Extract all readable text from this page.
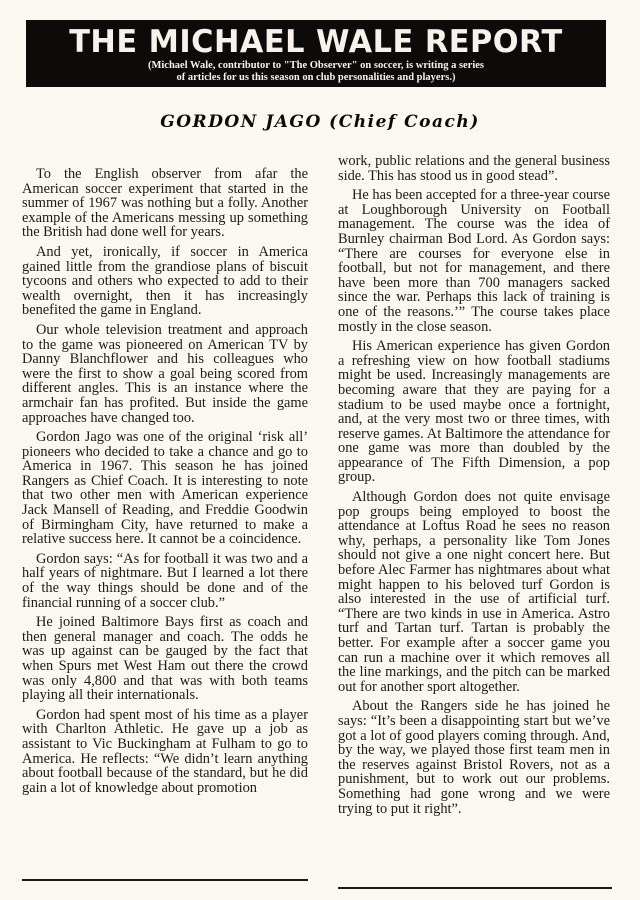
THE MICHAEL WALE REPORT
(Michael Wale, contributor to "The Observer" on soccer, is writing a series
of articles for us this season on club personalities and players.)
GORDON JAGO (Chief Coach)

To the English observer from afar the American soccer experiment that started in the summer of 1967 was nothing but a folly. Another example of the Americans messing up something the British had done well for years.

And yet, ironically, if soccer in America gained little from the grandiose plans of biscuit tycoons and others who expected to add to their wealth overnight, then it has increasingly benefited the game in England.

Our whole television treatment and approach to the game was pioneered on American TV by Danny Blanchflower and his colleagues who were the first to show a goal being scored from different angles. This is an instance where the armchair fan has profited. But inside the game approaches have changed too.

Gordon Jago was one of the original ‘risk all’ pioneers who decided to take a chance and go to America in 1967. This season he has joined Rangers as Chief Coach. It is interesting to note that two other men with American experience Jack Mansell of Reading, and Freddie Goodwin of Birmingham City, have returned to make a relative success here. It cannot be a coincidence.

Gordon says: “As for football it was two and a half years of nightmare. But I learned a lot there of the way things should be done and of the financial running of a soccer club.”

He joined Baltimore Bays first as coach and then general manager and coach. The odds he was up against can be gauged by the fact that when Spurs met West Ham out there the crowd was only 4,800 and that was with both teams playing all their internationals.

Gordon had spent most of his time as a player with Charlton Athletic. He gave up a job as assistant to Vic Buckingham at Fulham to go to America. He reflects: “We didn’t learn anything about football because of the standard, but he did gain a lot of knowledge about promotion

work, public relations and the general business side. This has stood us in good stead”.

He has been accepted for a three-year course at Loughborough University on Football management. The course was the idea of Burnley chairman Bod Lord. As Gordon says: “There are courses for everyone else in football, but not for management, and there have been more than 700 managers sacked since the war. Perhaps this lack of training is one of the reasons.’” The course takes place mostly in the close season.

His American experience has given Gordon a refreshing view on how football stadiums might be used. Increasingly managements are becoming aware that they are paying for a stadium to be used maybe once a fortnight, and, at the very most two or three times, with reserve games. At Baltimore the attendance for one game was more than doubled by the appearance of The Fifth Dimension, a pop group.

Although Gordon does not quite envisage pop groups being employed to boost the attendance at Loftus Road he sees no reason why, perhaps, a personality like Tom Jones should not give a one night concert here. But before Alec Farmer has nightmares about what might happen to his beloved turf Gordon is also interested in the use of artificial turf. “There are two kinds in use in America. Astro turf and Tartan turf. Tartan is probably the better. For example after a soccer game you can run a machine over it which removes all the line markings, and the pitch can be marked out for another sport altogether.

About the Rangers side he has joined he says: “It’s been a disappointing start but we’ve got a lot of good players coming through. And, by the way, we played those first team men in the reserves against Bristol Rovers, not as a punishment, but to work out our problems. Something had gone wrong and we were trying to put it right”.
